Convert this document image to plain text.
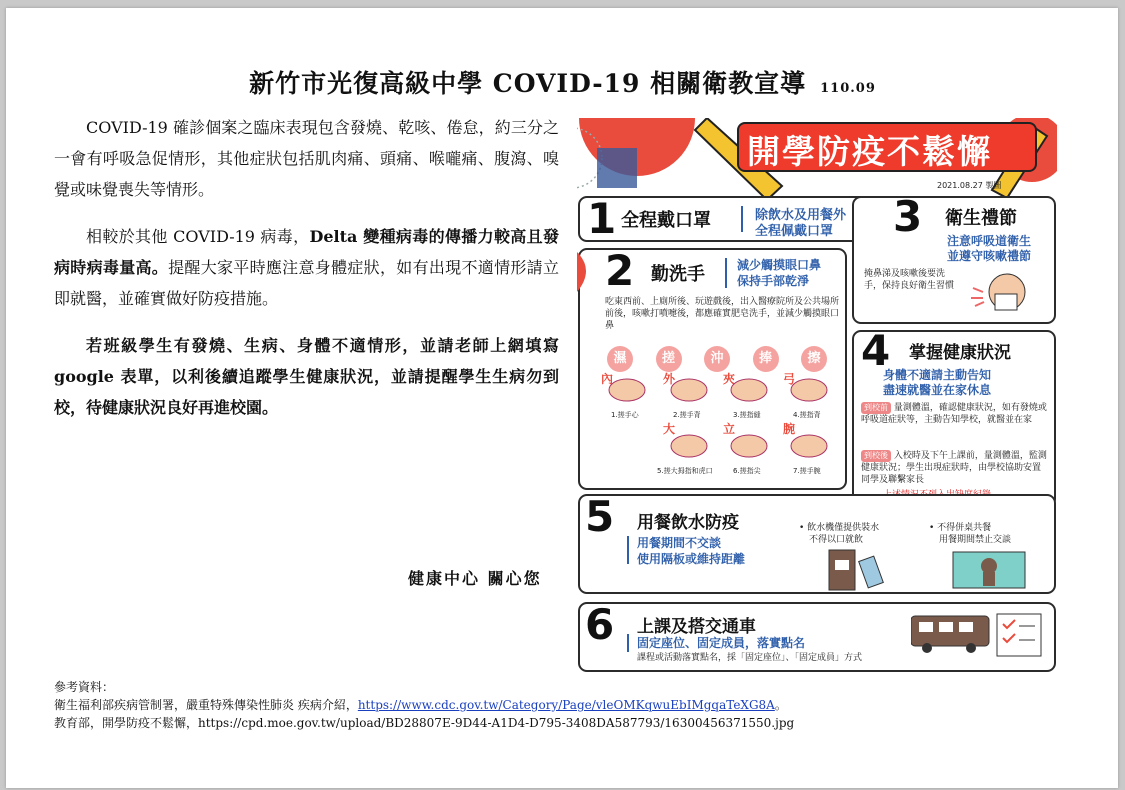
新竹市光復高級中學 COVID-19 相關衛教宣導 110.09

COVID-19 確診個案之臨床表現包含發燒、乾咳、倦怠，約三分之一會有呼吸急促情形，其他症狀包括肌肉痛、頭痛、喉嚨痛、腹瀉、嗅覺或味覺喪失等情形。

相較於其他 COVID-19 病毒，Delta 變種病毒的傳播力較高且發病時病毒量高。提醒大家平時應注意身體症狀，如有出現不適情形請立即就醫，並確實做好防疫措施。

若班級學生有發燒、生病、身體不適情形，並請老師上網填寫 google 表單，以利後續追蹤學生健康狀況，並請提醒學生生病勿到校，待健康狀況良好再進校園。

健康中心 關心您
參考資料：
衛生福利部疾病管制署，嚴重特殊傳染性肺炎 疾病介紹，https://www.cdc.gov.tw/Category/Page/vleOMKqwuEbIMgqaTeXG8A。
教育部，開學防疫不鬆懈，https://cpd.moe.gov.tw/upload/BD28807E-9D44-A1D4-D795-3408DA587793/16300456371550.jpg
開學防疫不鬆懈
2021.08.27 製圖
1 全程戴口罩	除飲水及用餐外
全程佩戴口罩 3 衛生禮節
注意呼吸道衛生
並遵守咳嗽禮節
掩鼻涕及咳嗽後要洗手，保持良好衛生習慣
2 勤洗手	減少觸摸眼口鼻
保持手部乾淨
吃東西前、上廁所後、玩遊戲後，出入醫療院所及公共場所前後，咳嗽打噴嚏後，都應確實肥皂洗手，並減少觸摸眼口鼻
濕	搓	沖	捧	擦
內	外	夾	弓
1.搓手心	2.搓手背	3.搓指縫	4.搓指背
大	立	腕
5.搓大拇指和虎口	6.搓指尖	7.搓手腕
4 掌握健康狀況
身體不適請主動告知
盡速就醫並在家休息
到校前 量測體溫，確認健康狀況，如有發燒或呼吸道症狀等，主動告知學校，就醫並在家
到校後 入校時及下午上課前，量測體溫，監測健康狀況；學生出現症狀時，由學校協助安置同學及聯繫家長
5 用餐飲水防疫
用餐期間不交談
使用隔板或維持距離
• 飲水機僅提供裝水
不得以口就飲
• 不得併桌共餐
用餐期間禁止交談
6 上課及搭交通車
固定座位、固定成員，落實點名
課程或活動落實點名，採「固定座位」、「固定成員」方式
